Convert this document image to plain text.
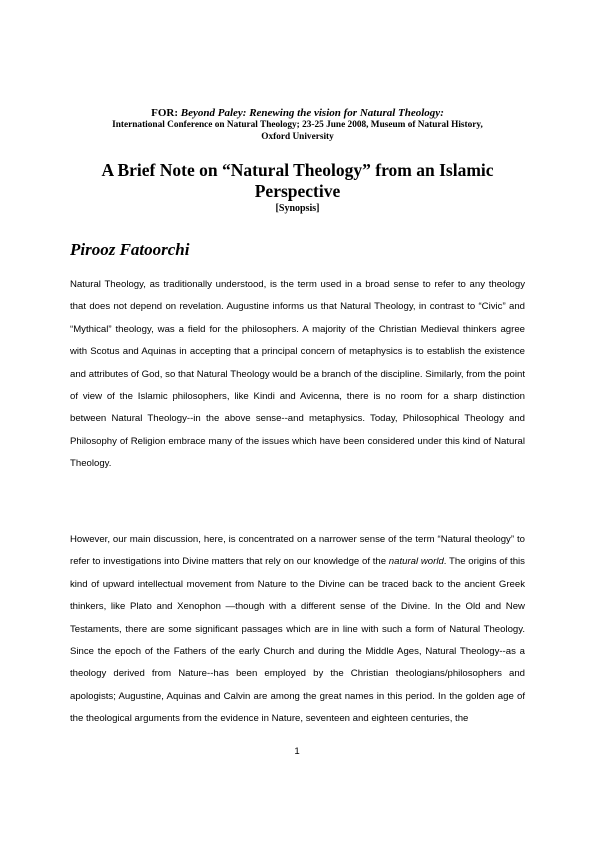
FOR: Beyond Paley: Renewing the vision for Natural Theology:
International Conference on Natural Theology; 23-25 June 2008, Museum of Natural History, Oxford University
A Brief Note on “Natural Theology” from an Islamic Perspective
[Synopsis]
Pirooz Fatoorchi
Natural Theology, as traditionally understood, is the term used in a broad sense to refer to any theology that does not depend on revelation. Augustine informs us that Natural Theology, in contrast to “Civic” and “Mythical” theology, was a field for the philosophers. A majority of the Christian Medieval thinkers agree with Scotus and Aquinas in accepting that a principal concern of metaphysics is to establish the existence and attributes of God, so that Natural Theology would be a branch of the discipline. Similarly, from the point of view of the Islamic philosophers, like Kindi and Avicenna, there is no room for a sharp distinction between Natural Theology--in the above sense--and metaphysics. Today, Philosophical Theology and Philosophy of Religion embrace many of the issues which have been considered under this kind of Natural Theology.
However, our main discussion, here, is concentrated on a narrower sense of the term “Natural theology” to refer to investigations into Divine matters that rely on our knowledge of the natural world. The origins of this kind of upward intellectual movement from Nature to the Divine can be traced back to the ancient Greek thinkers, like Plato and Xenophon —though with a different sense of the Divine. In the Old and New Testaments, there are some significant passages which are in line with such a form of Natural Theology. Since the epoch of the Fathers of the early Church and during the Middle Ages, Natural Theology--as a theology derived from Nature--has been employed by the Christian theologians/philosophers and apologists; Augustine, Aquinas and Calvin are among the great names in this period. In the golden age of the theological arguments from the evidence in Nature, seventeen and eighteen centuries, the
1
